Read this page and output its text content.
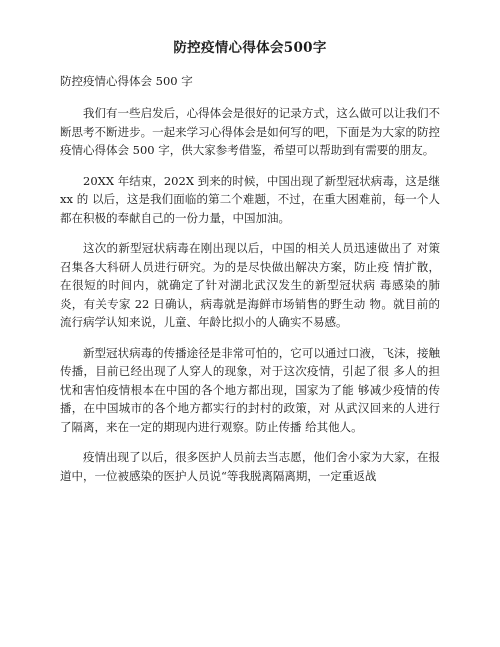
防控疫情心得体会500字
防控疫情心得体会 500 字

我们有一些启发后，心得体会是很好的记录方式，这么做可以让我们不断思考不断进步。一起来学习心得体会是如何写的吧，下面是为大家的防控疫情心得体会 500 字，供大家参考借鉴，希望可以帮助到有需要的朋友。

20XX 年结束，202X 到来的时候，中国出现了新型冠状病毒，这是继 xx 的 以后，这是我们面临的第二个难题，不过，在重大困难前，每一个人都在积极的奉献自己的一份力量，中国加油。

这次的新型冠状病毒在刚出现以后，中国的相关人员迅速做出了 对策召集各大科研人员进行研究。为的是尽快做出解决方案，防止疫 情扩散，在很短的时间内，就确定了针对湖北武汉发生的新型冠状病 毒感染的肺炎，有关专家 22 日确认，病毒就是海鲜市场销售的野生动 物。就目前的流行病学认知来说，儿童、年龄比拟小的人确实不易感。

新型冠状病毒的传播途径是非常可怕的，它可以通过口液，飞沫，接触传播，目前已经出现了人穿人的现象，对于这次疫情，引起了很 多人的担忧和害怕疫情根本在中国的各个地方都出现，国家为了能 够减少疫情的传播，在中国城市的各个地方都实行的封村的政策，对 从武汉回来的人进行了隔离，来在一定的期现内进行观察。防止传播 给其他人。

疫情出现了以后，很多医护人员前去当志愿，他们舍小家为大家，在报道中，一位被感染的医护人员说“等我脱离隔离期，一定重返战
